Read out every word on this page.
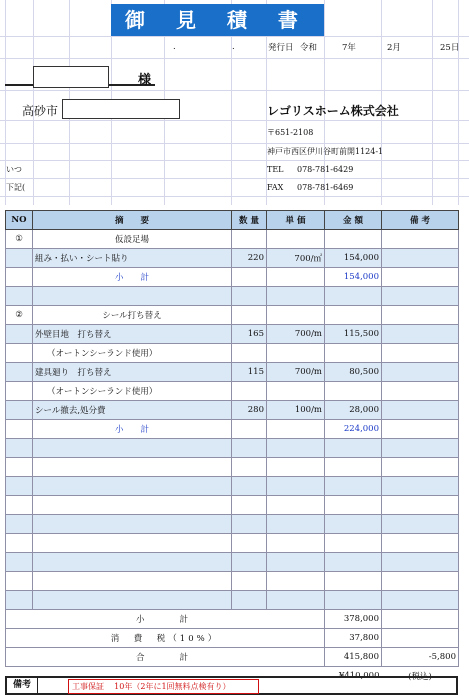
御 見 積 書
.	.	発行日 令和	7年	2月	25日
様
高砂市	レゴリスホーム株式会社
〒651-2108
神戸市西区伊川谷町前開1124-1
TEL 078-781-6429
FAX 078-781-6469
いつ
下記(
NO	摘　　要	数 量	単 価	金 額	備 考
①	仮設足場				
	組み・払い・シート貼り	220	700/㎡	154,000	
	小　　計			154,000	

②	シール打ち替え				
	外壁目地　打ち替え	165	700/m	115,500	
	（オートンシーランド使用）				
	建具廻り　打ち替え	115	700/m	80,500	
	（オートンシーランド使用）				
	シール撤去,処分費	280	100/m	28,000	
	小　　計			224,000	

小　　計				378,000	
消　費　税（10%）				37,800	
合　　計				415,800	-5,800
				¥410,000	(税込)
備考	工事保証 10年（2年に1回無料点検有り）
